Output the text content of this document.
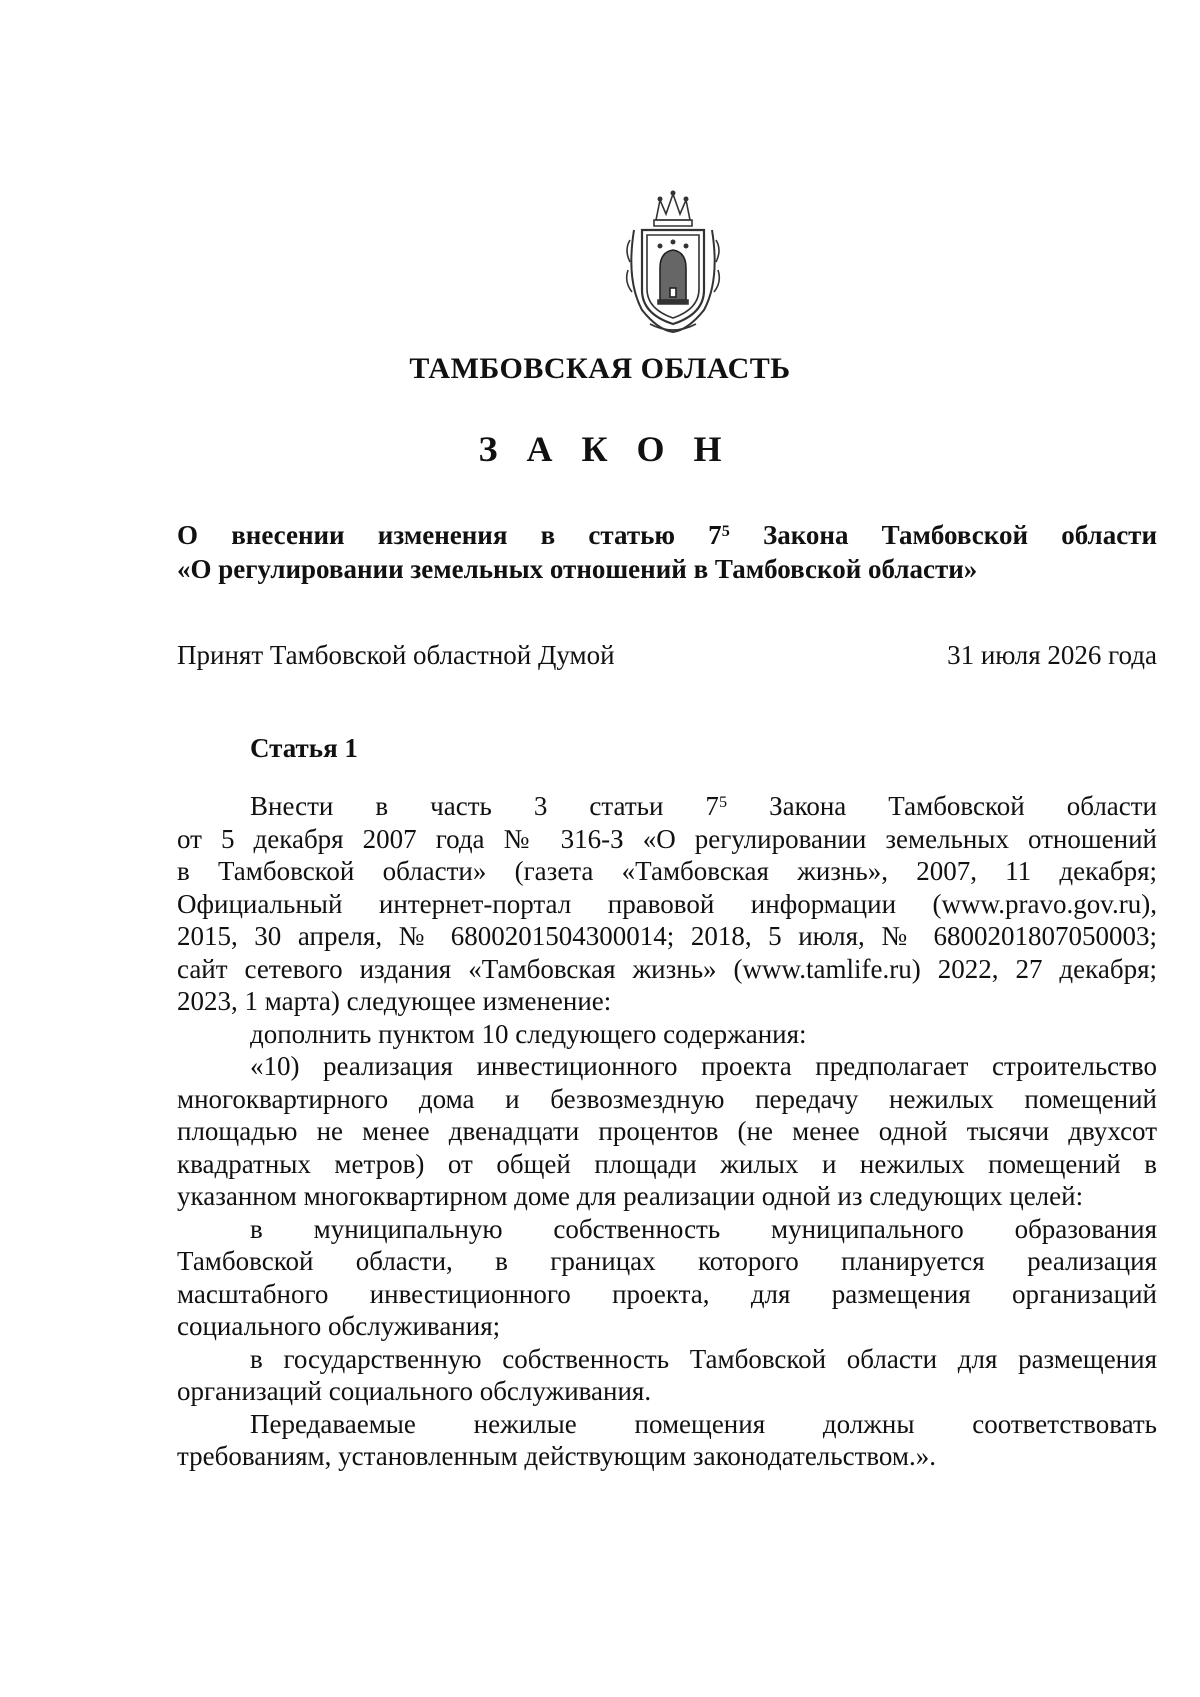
ТАМБОВСКАЯ ОБЛАСТЬ
З А К О Н
О внесении изменения в статью $7^5$ Закона Тамбовской области
«О регулировании земельных отношений в Тамбовской области»
Принят Тамбовской областной Думой	31 июля 2026 года
Статья 1

Внести в часть 3 статьи $7^5$ Закона Тамбовской области
от 5 декабря 2007 года № 316-З «О регулировании земельных отношений
в Тамбовской области» (газета «Тамбовская жизнь», 2007, 11 декабря;
Официальный интернет-портал правовой информации (www.pravo.gov.ru),
2015, 30 апреля, № 6800201504300014; 2018, 5 июля, № 6800201807050003;
сайт сетевого издания «Тамбовская жизнь» (www.tamlife.ru) 2022, 27 декабря;
2023, 1 марта) следующее изменение:

дополнить пунктом 10 следующего содержания:

«10) реализация инвестиционного проекта предполагает строительство
многоквартирного дома и безвозмездную передачу нежилых помещений
площадью не менее двенадцати процентов (не менее одной тысячи двухсот
квадратных метров) от общей площади жилых и нежилых помещений в
указанном многоквартирном доме для реализации одной из следующих целей:

в муниципальную собственность муниципального образования
Тамбовской области, в границах которого планируется реализация
масштабного инвестиционного проекта, для размещения организаций
социального обслуживания;

в государственную собственность Тамбовской области для размещения
организаций социального обслуживания.

Передаваемые нежилые помещения должны соответствовать
требованиям, установленным действующим законодательством.».
